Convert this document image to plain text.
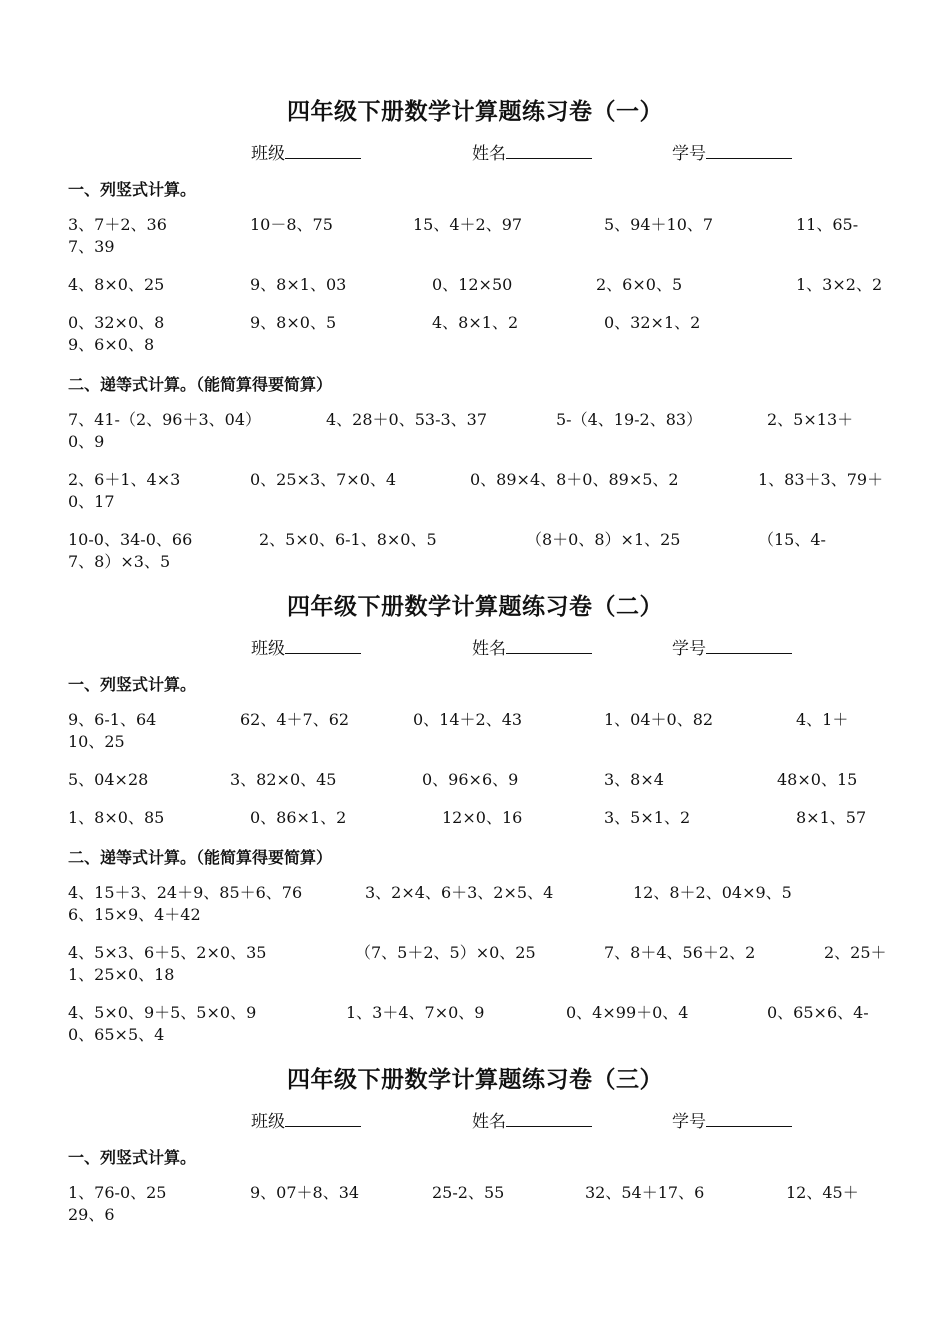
四年级下册数学计算题练习卷（一）
班级	姓名	学号
一、列竖式计算。
3、7＋2、36	10－8、75	15、4＋2、97	5、94＋10、7	11、65-
7、39
4、8×0、25	9、8×1、03	0、12×50	2、6×0、5	1、3×2、2
0、32×0、8	9、8×0、5	4、8×1、2	0、32×1、2
9、6×0、8
二、递等式计算。（能简算得要简算）
7、41-（2、96＋3、04）	4、28＋0、53-3、37	5-（4、19-2、83）	2、5×13＋
0、9
2、6＋1、4×3	0、25×3、7×0、4	0、89×4、8＋0、89×5、2	1、83＋3、79＋
0、17
10-0、34-0、66	2、5×0、6-1、8×0、5	（8＋0、8）×1、25	（15、4-
7、8）×3、5
四年级下册数学计算题练习卷（二）
班级	姓名	学号
一、列竖式计算。
9、6-1、64	62、4＋7、62	0、14＋2、43	1、04＋0、82	4、1＋
10、25
5、04×28	3、82×0、45	0、96×6、9	3、8×4	48×0、15
1、8×0、85	0、86×1、2	12×0、16	3、5×1、2	8×1、57
二、递等式计算。（能简算得要简算）
4、15＋3、24＋9、85＋6、76	3、2×4、6＋3、2×5、4	12、8＋2、04×9、5
6、15×9、4＋42
4、5×3、6＋5、2×0、35	（7、5＋2、5）×0、25	7、8＋4、56＋2、2	2、25＋
1、25×0、18
4、5×0、9＋5、5×0、9	1、3＋4、7×0、9	0、4×99＋0、4	0、65×6、4-
0、65×5、4
四年级下册数学计算题练习卷（三）
班级	姓名	学号
一、列竖式计算。
1、76-0、25	9、07＋8、34	25-2、55	32、54＋17、6	12、45＋
29、6
